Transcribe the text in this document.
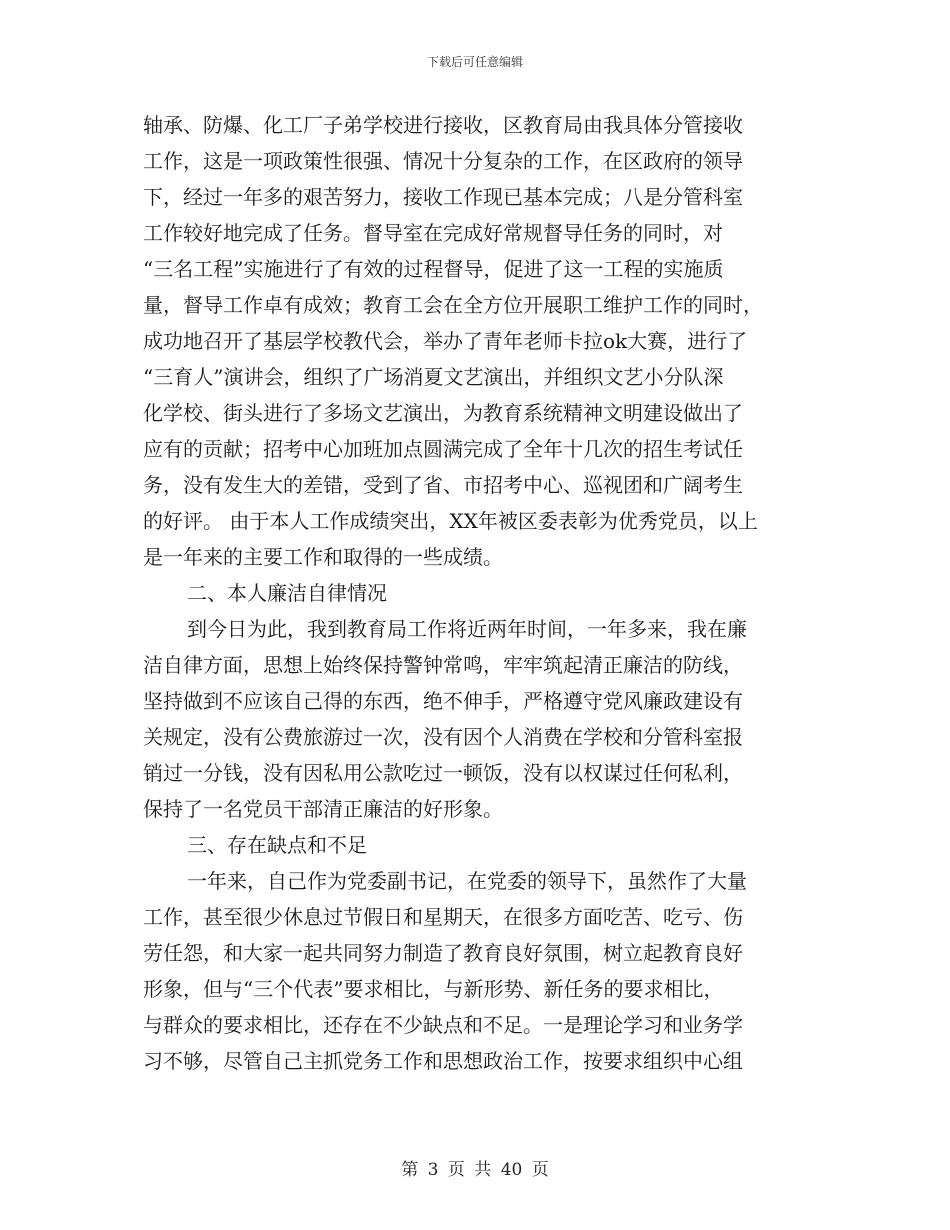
下载后可任意编辑
轴承、防爆、化工厂子弟学校进行接收，区教育局由我具体分管接收
工作，这是一项政策性很强、情况十分复杂的工作，在区政府的领导
下，经过一年多的艰苦努力，接收工作现已基本完成；八是分管科室
工作较好地完成了任务。督导室在完成好常规督导任务的同时，对
“三名工程”实施进行了有效的过程督导，促进了这一工程的实施质
量，督导工作卓有成效；教育工会在全方位开展职工维护工作的同时，
成功地召开了基层学校教代会，举办了青年老师卡拉ok大赛，进行了
“三育人”演讲会，组织了广场消夏文艺演出，并组织文艺小分队深
化学校、街头进行了多场文艺演出，为教育系统精神文明建设做出了
应有的贡献；招考中心加班加点圆满完成了全年十几次的招生考试任
务，没有发生大的差错，受到了省、市招考中心、巡视团和广阔考生
的好评。 由于本人工作成绩突出，XX年被区委表彰为优秀党员，以上
是一年来的主要工作和取得的一些成绩。
二、本人廉洁自律情况
到今日为此，我到教育局工作将近两年时间，一年多来，我在廉
洁自律方面，思想上始终保持警钟常鸣，牢牢筑起清正廉洁的防线，
坚持做到不应该自己得的东西，绝不伸手，严格遵守党风廉政建设有
关规定，没有公费旅游过一次，没有因个人消费在学校和分管科室报
销过一分钱，没有因私用公款吃过一顿饭，没有以权谋过任何私利，
保持了一名党员干部清正廉洁的好形象。
三、存在缺点和不足
一年来，自己作为党委副书记，在党委的领导下，虽然作了大量
工作，甚至很少休息过节假日和星期天，在很多方面吃苦、吃亏、伤
劳任怨，和大家一起共同努力制造了教育良好氛围，树立起教育良好
形象，但与“三个代表”要求相比，与新形势、新任务的要求相比，
与群众的要求相比，还存在不少缺点和不足。一是理论学习和业务学
习不够，尽管自己主抓党务工作和思想政治工作，按要求组织中心组
第 3 页 共 40 页
